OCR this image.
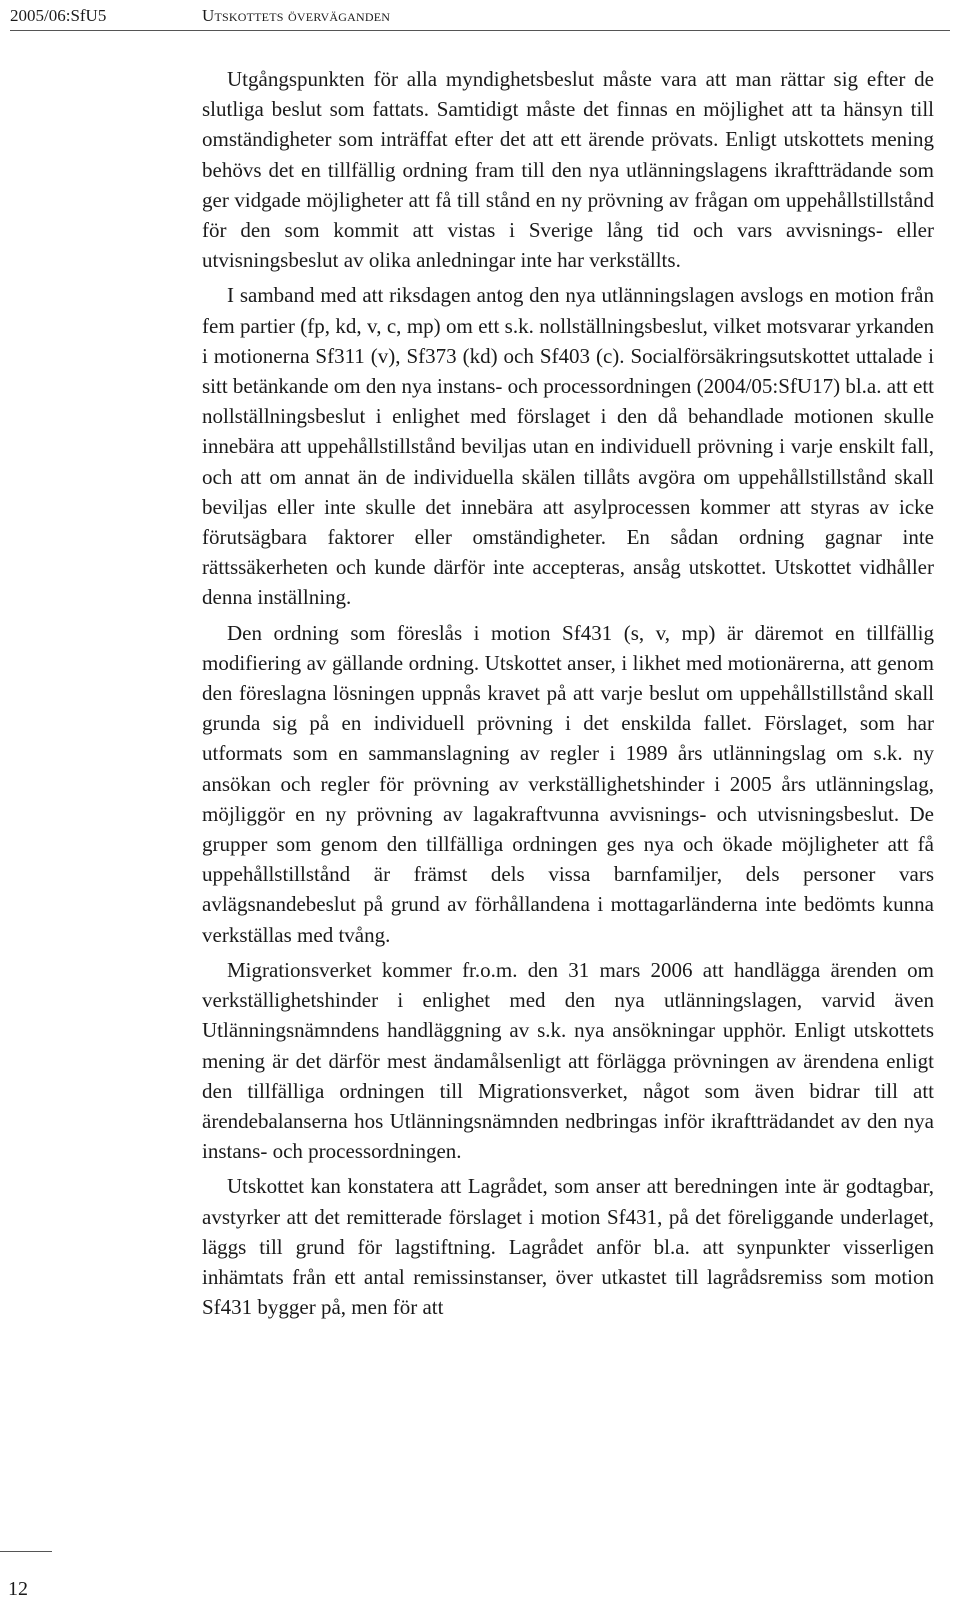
2005/06:SfU5	Utskottets överväganden

Utgångspunkten för alla myndighetsbeslut måste vara att man rättar sig efter de slutliga beslut som fattats. Samtidigt måste det finnas en möjlighet att ta hänsyn till omständigheter som inträffat efter det att ett ärende prövats. Enligt utskottets mening behövs det en tillfällig ordning fram till den nya utlänningslagens ikraftträdande som ger vidgade möjligheter att få till stånd en ny prövning av frågan om uppehållstillstånd för den som kommit att vistas i Sverige lång tid och vars avvisnings- eller utvisningsbeslut av olika anledningar inte har verkställts.

I samband med att riksdagen antog den nya utlänningslagen avslogs en motion från fem partier (fp, kd, v, c, mp) om ett s.k. nollställningsbeslut, vilket motsvarar yrkanden i motionerna Sf311 (v), Sf373 (kd) och Sf403 (c). Socialförsäkringsutskottet uttalade i sitt betänkande om den nya instans- och processordningen (2004/05:SfU17) bl.a. att ett nollställningsbeslut i enlighet med förslaget i den då behandlade motionen skulle innebära att uppehållstillstånd beviljas utan en individuell prövning i varje enskilt fall, och att om annat än de individuella skälen tillåts avgöra om uppehållstillstånd skall beviljas eller inte skulle det innebära att asylprocessen kommer att styras av icke förutsägbara faktorer eller omständigheter. En sådan ordning gagnar inte rättssäkerheten och kunde därför inte accepteras, ansåg utskottet. Utskottet vidhåller denna inställning.

Den ordning som föreslås i motion Sf431 (s, v, mp) är däremot en tillfällig modifiering av gällande ordning. Utskottet anser, i likhet med motionärerna, att genom den föreslagna lösningen uppnås kravet på att varje beslut om uppehållstillstånd skall grunda sig på en individuell prövning i det enskilda fallet. Förslaget, som har utformats som en sammanslagning av regler i 1989 års utlänningslag om s.k. ny ansökan och regler för prövning av verkställighetshinder i 2005 års utlänningslag, möjliggör en ny prövning av lagakraftvunna avvisnings- och utvisningsbeslut. De grupper som genom den tillfälliga ordningen ges nya och ökade möjligheter att få uppehållstillstånd är främst dels vissa barnfamiljer, dels personer vars avlägsnandebeslut på grund av förhållandena i mottagarländerna inte bedömts kunna verkställas med tvång.

Migrationsverket kommer fr.o.m. den 31 mars 2006 att handlägga ärenden om verkställighetshinder i enlighet med den nya utlänningslagen, varvid även Utlänningsnämndens handläggning av s.k. nya ansökningar upphör. Enligt utskottets mening är det därför mest ändamålsenligt att förlägga prövningen av ärendena enligt den tillfälliga ordningen till Migrationsverket, något som även bidrar till att ärendebalanserna hos Utlänningsnämnden nedbringas inför ikraftträdandet av den nya instans- och processordningen.

Utskottet kan konstatera att Lagrådet, som anser att beredningen inte är godtagbar, avstyrker att det remitterade förslaget i motion Sf431, på det föreliggande underlaget, läggs till grund för lagstiftning. Lagrådet anför bl.a. att synpunkter visserligen inhämtats från ett antal remissinstanser, över utkastet till lagrådsremiss som motion Sf431 bygger på, men för att

12
